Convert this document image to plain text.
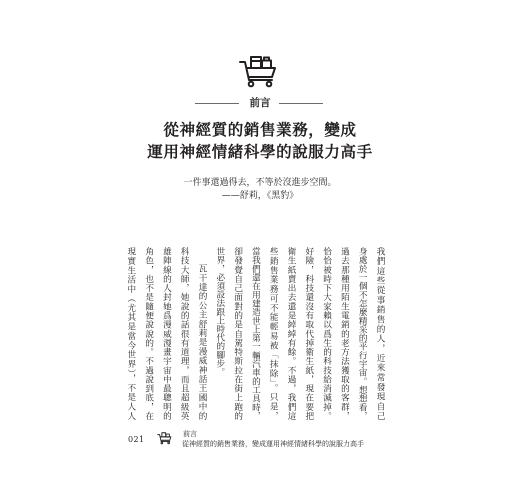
前言
從神經質的銷售業務，變成
運用神經情緒科學的說服力高手
一件事還過得去，不等於沒進步空間。
——舒莉，《黑豹》
我們這些從事銷售的人，近來常發現自己
身處於一個不怎麼精采的平行宇宙。想想看，
過去那種用陌生電銷的老方法獲取的客群，
恰恰被時下大家賴以爲生的科技給消滅掉。
好險，科技還沒有取代掉衛生紙，現在要把
衛生紙賣出去還是綽綽有餘。不過，我們這
些銷售業務可不能輕易被「抹除」。只是，
當我們還在用建造世上第一輛汽車的工具時，
卻發覺自己面對的是自駕特斯拉在街上跑的
世界，必須設法跟上時代的腳步。
瓦干達的公主舒莉是漫威神話王國中的
科技大師，她說的話很有道理，而且超級英
雄陣線的人封她爲漫威漫畫宇宙中最聰明的
角色，也不是隨便說說的。不過說到底，在
現實生活中（尤其是當今世界），不是人人
021
前言
從神經質的銷售業務，變成運用神經情緒科學的說服力高手
